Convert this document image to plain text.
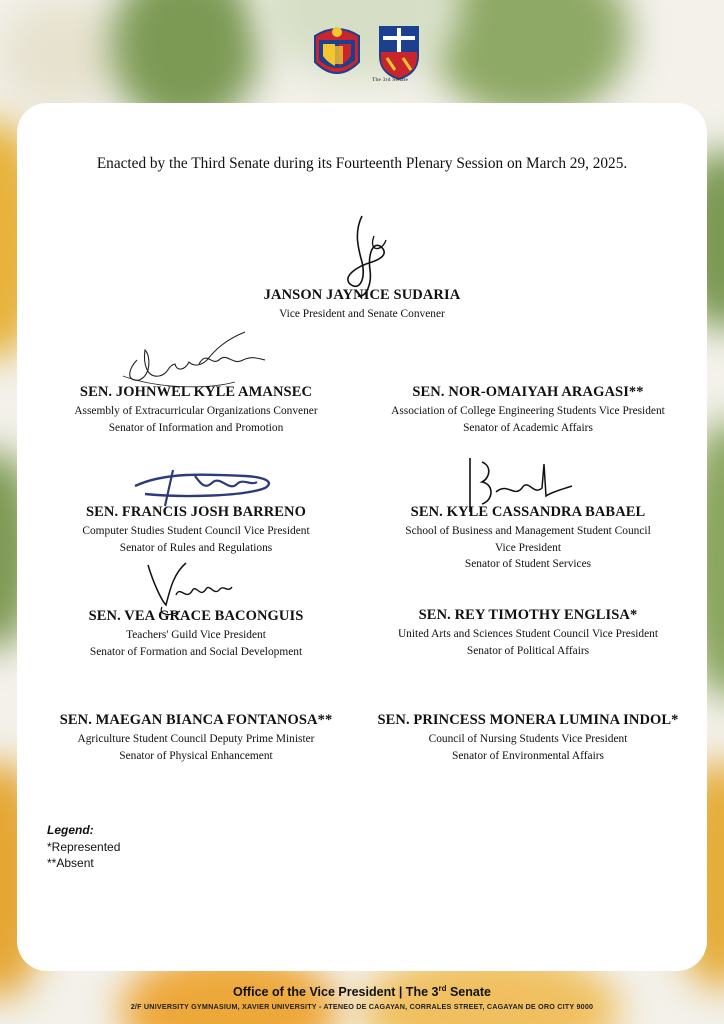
The 3rd Senate
Enacted by the Third Senate during its Fourteenth Plenary Session on March 29, 2025.
JANSON JAYNICE SUDARIA
Vice President and Senate Convener
SEN. JOHNWEL KYLE AMANSEC
Assembly of Extracurricular Organizations Convener
Senator of Information and Promotion
SEN. NOR-OMAIYAH ARAGASI**
Association of College Engineering Students Vice President
Senator of Academic Affairs
SEN. FRANCIS JOSH BARRENO
Computer Studies Student Council Vice President
Senator of Rules and Regulations
SEN. KYLE CASSANDRA BABAEL
School of Business and Management Student Council
Vice President
Senator of Student Services
SEN. VEA GRACE BACONGUIS
Teachers' Guild Vice President
Senator of Formation and Social Development
SEN. REY TIMOTHY ENGLISA*
United Arts and Sciences Student Council Vice President
Senator of Political Affairs
SEN. MAEGAN BIANCA FONTANOSA**
Agriculture Student Council Deputy Prime Minister
Senator of Physical Enhancement
SEN. PRINCESS MONERA LUMINA INDOL*
Council of Nursing Students Vice President
Senator of Environmental Affairs
Legend:
*Represented
**Absent
Office of the Vice President | The 3rd Senate
2/F UNIVERSITY GYMNASIUM, XAVIER UNIVERSITY - ATENEO DE CAGAYAN, CORRALES STREET, CAGAYAN DE ORO CITY 9000
